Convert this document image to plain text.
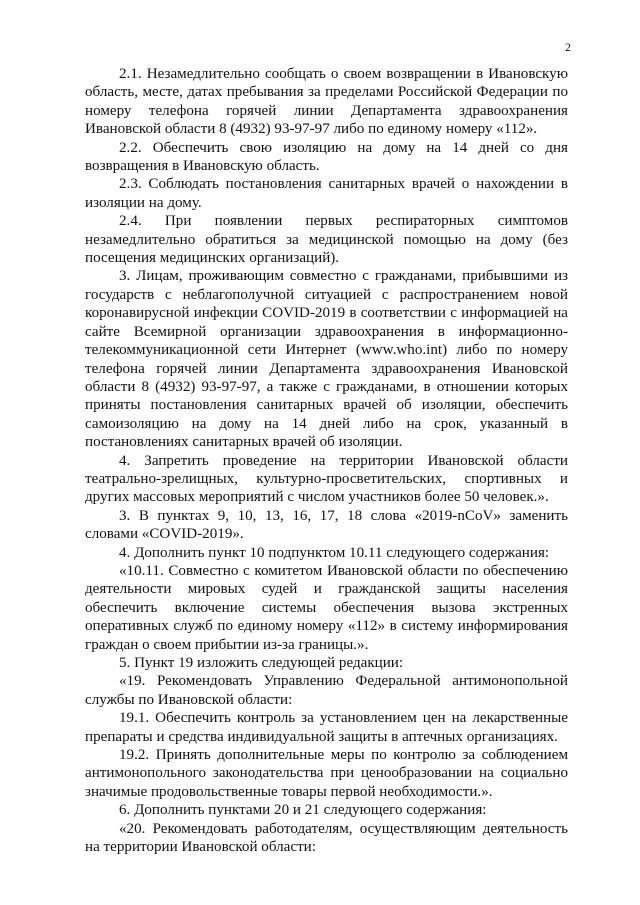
2

2.1. Незамедлительно сообщать о своем возвращении в Ивановскую область, месте, датах пребывания за пределами Российской Федерации по номеру телефона горячей линии Департамента здравоохранения Ивановской области 8 (4932) 93-97-97 либо по единому номеру «112».

2.2. Обеспечить свою изоляцию на дому на 14 дней со дня возвращения в Ивановскую область.

2.3. Соблюдать постановления санитарных врачей о нахождении в изоляции на дому.

2.4. При появлении первых респираторных симптомов незамедлительно обратиться за медицинской помощью на дому (без посещения медицинских организаций).

3. Лицам, проживающим совместно с гражданами, прибывшими из государств с неблагополучной ситуацией с распространением новой коронавирусной инфекции COVID-2019 в соответствии с информацией на сайте Всемирной организации здравоохранения в информационно-телекоммуникационной сети Интернет (www.who.int) либо по номеру телефона горячей линии Департамента здравоохранения Ивановской области 8 (4932) 93-97-97, а также с гражданами, в отношении которых приняты постановления санитарных врачей об изоляции, обеспечить самоизоляцию на дому на 14 дней либо на срок, указанный в постановлениях санитарных врачей об изоляции.

4. Запретить проведение на территории Ивановской области театрально-зрелищных, культурно-просветительских, спортивных и других массовых мероприятий с числом участников более 50 человек.».

3. В пунктах 9, 10, 13, 16, 17, 18 слова «2019-nCoV» заменить словами «COVID-2019».

4. Дополнить пункт 10 подпунктом 10.11 следующего содержания:

«10.11. Совместно с комитетом Ивановской области по обеспечению деятельности мировых судей и гражданской защиты населения обеспечить включение системы обеспечения вызова экстренных оперативных служб по единому номеру «112» в систему информирования граждан о своем прибытии из-за границы.».

5. Пункт 19 изложить следующей редакции:

«19. Рекомендовать Управлению Федеральной антимонопольной службы по Ивановской области:

19.1. Обеспечить контроль за установлением цен на лекарственные препараты и средства индивидуальной защиты в аптечных организациях.

19.2. Принять дополнительные меры по контролю за соблюдением антимонопольного законодательства при ценообразовании на социально значимые продовольственные товары первой необходимости.».

6. Дополнить пунктами 20 и 21 следующего содержания:

«20. Рекомендовать работодателям, осуществляющим деятельность на территории Ивановской области:
